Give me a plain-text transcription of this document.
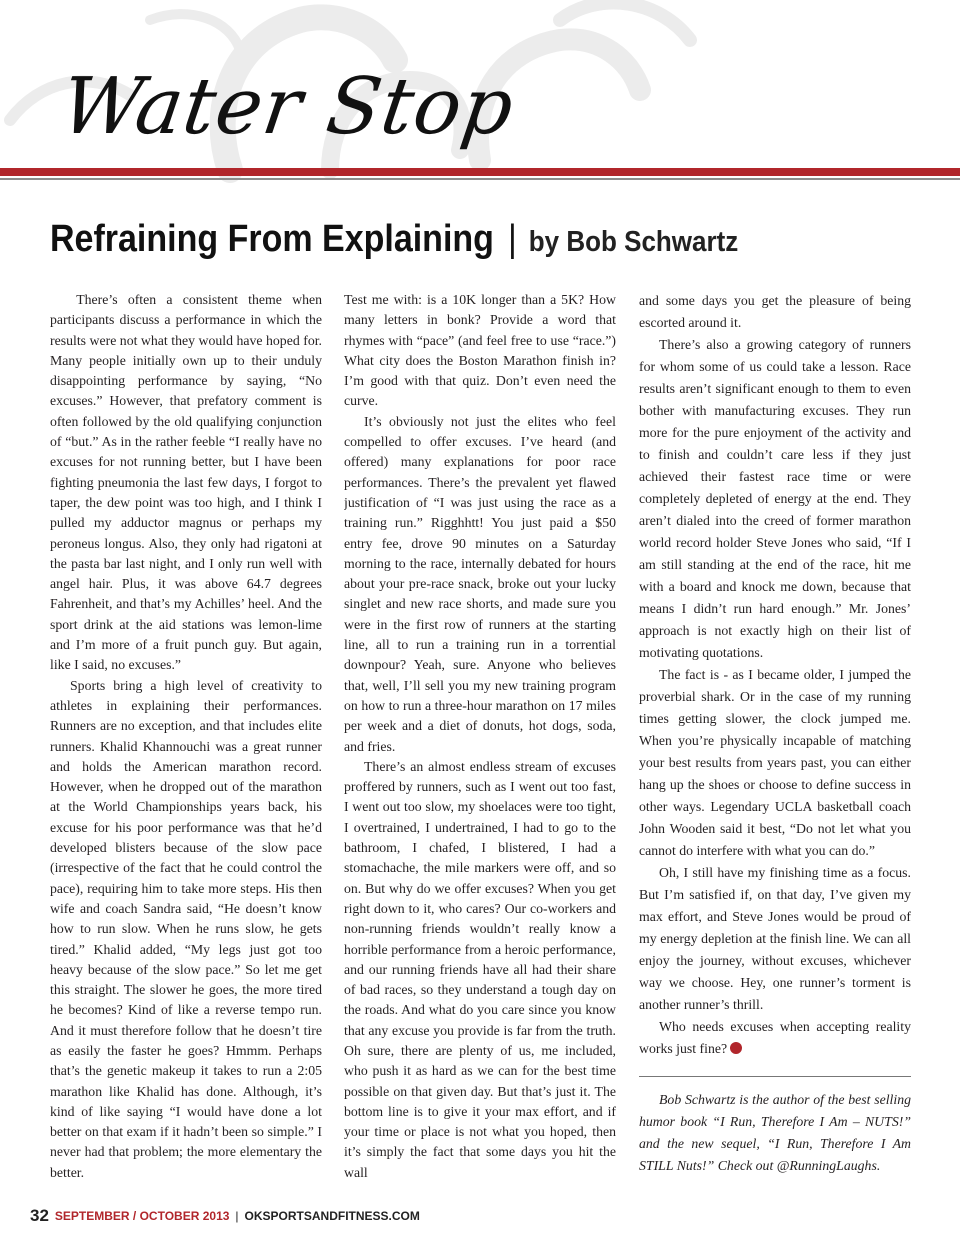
Water Stop
Refraining From Explaining | by Bob Schwartz

There’s often a consistent theme when participants discuss a performance in which the results were not what they would have hoped for. Many people initially own up to their unduly disappointing performance by saying, “No excuses.” However, that prefatory comment is often followed by the old qualifying conjunction of “but.” As in the rather feeble “I really have no excuses for not running better, but I have been fighting pneumonia the last few days, I forgot to taper, the dew point was too high, and I think I pulled my adductor magnus or perhaps my peroneus longus. Also, they only had rigatoni at the pasta bar last night, and I only run well with angel hair. Plus, it was above 64.7 degrees Fahrenheit, and that’s my Achilles’ heel. And the sport drink at the aid stations was lemon-lime and I’m more of a fruit punch guy. But again, like I said, no excuses.”

Sports bring a high level of creativity to athletes in explaining their performances. Runners are no exception, and that includes elite runners. Khalid Khannouchi was a great runner and holds the American marathon record. However, when he dropped out of the marathon at the World Championships years back, his excuse for his poor performance was that he’d developed blisters because of the slow pace (irrespective of the fact that he could control the pace), requiring him to take more steps. His then wife and coach Sandra said, “He doesn’t know how to run slow. When he runs slow, he gets tired.” Khalid added, “My legs just got too heavy because of the slow pace.” So let me get this straight. The slower he goes, the more tired he becomes? Kind of like a reverse tempo run. And it must therefore follow that he doesn’t tire as easily the faster he goes? Hmmm. Perhaps that’s the genetic makeup it takes to run a 2:05 marathon like Khalid has done. Although, it’s kind of like saying “I would have done a lot better on that exam if it hadn’t been so simple.” I never had that problem; the more elementary the better.

Test me with: is a 10K longer than a 5K? How many letters in bonk? Provide a word that rhymes with “pace” (and feel free to use “race.”) What city does the Boston Marathon finish in? I’m good with that quiz. Don’t even need the curve.

It’s obviously not just the elites who feel compelled to offer excuses. I’ve heard (and offered) many explanations for poor race performances. There’s the prevalent yet flawed justification of “I was just using the race as a training run.” Rigghhtt! You just paid a $50 entry fee, drove 90 minutes on a Saturday morning to the race, internally debated for hours about your pre-race snack, broke out your lucky singlet and new race shorts, and made sure you were in the first row of runners at the starting line, all to run a training run in a torrential downpour? Yeah, sure. Anyone who believes that, well, I’ll sell you my new training program on how to run a three-hour marathon on 17 miles per week and a diet of donuts, hot dogs, soda, and fries.

There’s an almost endless stream of excuses proffered by runners, such as I went out too fast, I went out too slow, my shoelaces were too tight, I overtrained, I undertrained, I had to go to the bathroom, I chafed, I blistered, I had a stomachache, the mile markers were off, and so on. But why do we offer excuses? When you get right down to it, who cares? Our co-workers and non-running friends wouldn’t really know a horrible performance from a heroic performance, and our running friends have all had their share of bad races, so they understand a tough day on the roads. And what do you care since you know that any excuse you provide is far from the truth. Oh sure, there are plenty of us, me included, who push it as hard as we can for the best time possible on that given day. But that’s just it. The bottom line is to give it your max effort, and if your time or place is not what you hoped, then it’s simply the fact that some days you hit the wall

and some days you get the pleasure of being escorted around it.

There’s also a growing category of runners for whom some of us could take a lesson. Race results aren’t significant enough to them to even bother with manufacturing excuses. They run more for the pure enjoyment of the activity and to finish and couldn’t care less if they just achieved their fastest race time or were completely depleted of energy at the end. They aren’t dialed into the creed of former marathon world record holder Steve Jones who said, “If I am still standing at the end of the race, hit me with a board and knock me down, because that means I didn’t run hard enough.” Mr. Jones’ approach is not exactly high on their list of motivating quotations.

The fact is - as I became older, I jumped the proverbial shark. Or in the case of my running times getting slower, the clock jumped me. When you’re physically incapable of matching your best results from years past, you can either hang up the shoes or choose to define success in other ways. Legendary UCLA basketball coach John Wooden said it best, “Do not let what you cannot do interfere with what you can do.”

Oh, I still have my finishing time as a focus. But I’m satisfied if, on that day, I’ve given my max effort, and Steve Jones would be proud of my energy depletion at the finish line. We can all enjoy the journey, without excuses, whichever way we choose. Hey, one runner’s torment is another runner’s thrill.

Who needs excuses when accepting reality works just fine?

Bob Schwartz is the author of the best selling humor book “I Run, Therefore I Am – NUTS!” and the new sequel, “I Run, Therefore I Am STILL Nuts!” Check out @RunningLaughs.

32 SEPTEMBER / OCTOBER 2013 | OKSPORTSANDFITNESS.COM
